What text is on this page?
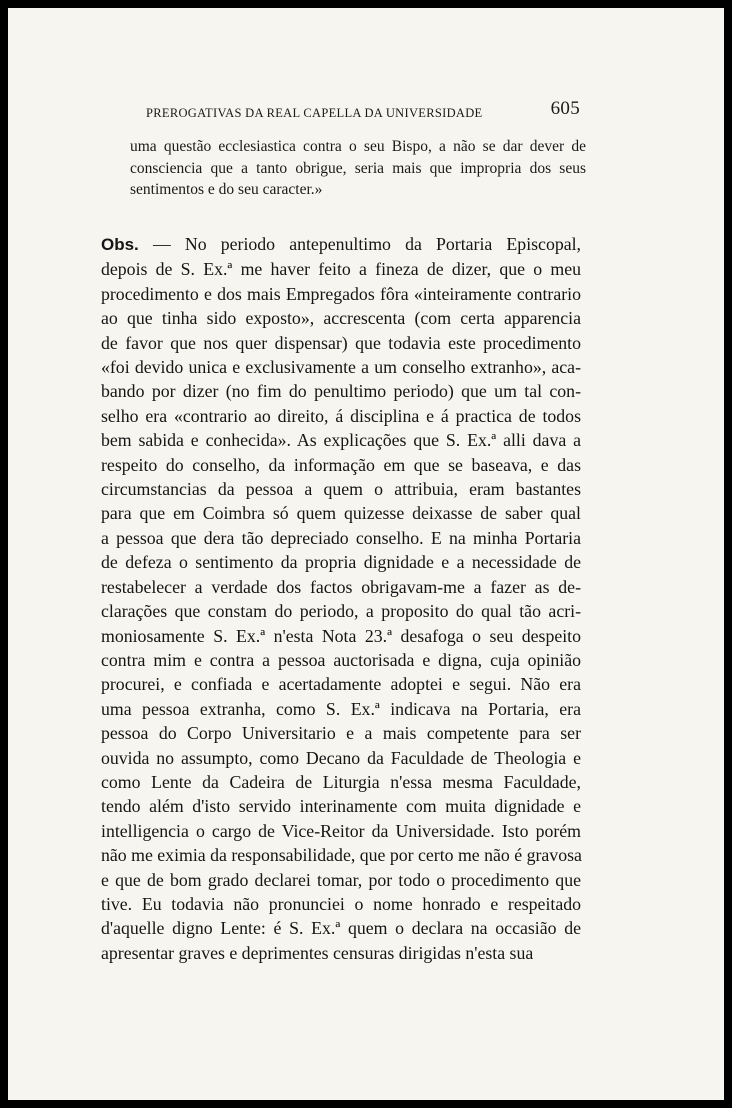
PREROGATIVAS DA REAL CAPELLA DA UNIVERSIDADE	605
uma questão ecclesiastica contra o seu Bispo, a não se dar dever de
consciencia que a tanto obrigue, seria mais que impropria dos seus
sentimentos e do seu caracter.»
Obs. — No periodo antepenultimo da Portaria Episcopal,
depois de S. Ex.ª me haver feito a fineza de dizer, que o meu
procedimento e dos mais Empregados fôra «inteiramente contrario
ao que tinha sido exposto», accrescenta (com certa apparencia
de favor que nos quer dispensar) que todavia este procedimento
«foi devido unica e exclusivamente a um conselho extranho», aca-
bando por dizer (no fim do penultimo periodo) que um tal con-
selho era «contrario ao direito, á disciplina e á practica de todos
bem sabida e conhecida». As explicações que S. Ex.ª alli dava a
respeito do conselho, da informação em que se baseava, e das
circumstancias da pessoa a quem o attribuia, eram bastantes
para que em Coimbra só quem quizesse deixasse de saber qual
a pessoa que dera tão depreciado conselho. E na minha Portaria
de defeza o sentimento da propria dignidade e a necessidade de
restabelecer a verdade dos factos obrigavam-me a fazer as de-
clarações que constam do periodo, a proposito do qual tão acri-
moniosamente S. Ex.ª n'esta Nota 23.ª desafoga o seu despeito
contra mim e contra a pessoa auctorisada e digna, cuja opinião
procurei, e confiada e acertadamente adoptei e segui. Não era
uma pessoa extranha, como S. Ex.ª indicava na Portaria, era
pessoa do Corpo Universitario e a mais competente para ser
ouvida no assumpto, como Decano da Faculdade de Theologia e
como Lente da Cadeira de Liturgia n'essa mesma Faculdade,
tendo além d'isto servido interinamente com muita dignidade e
intelligencia o cargo de Vice-Reitor da Universidade. Isto porém
não me eximia da responsabilidade, que por certo me não é gravosa
e que de bom grado declarei tomar, por todo o procedimento que
tive. Eu todavia não pronunciei o nome honrado e respeitado
d'aquelle digno Lente: é S. Ex.ª quem o declara na occasião de
apresentar graves e deprimentes censuras dirigidas n'esta sua
